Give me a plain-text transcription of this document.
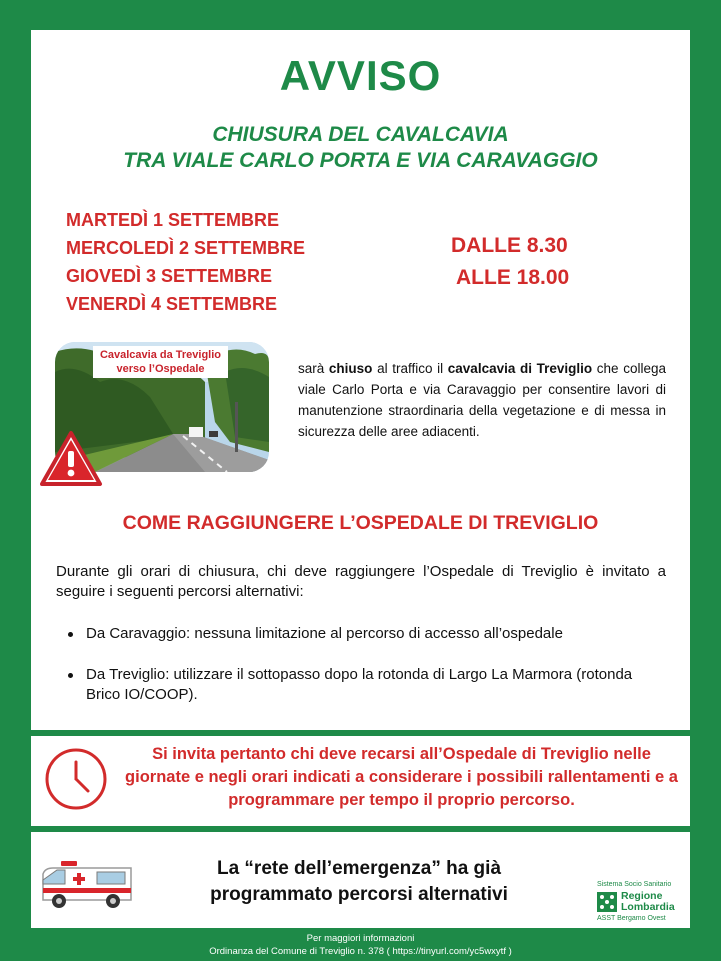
AVVISO
CHIUSURA DEL CAVALCAVIA
TRA VIALE CARLO PORTA E VIA CARAVAGGIO
MARTEDÌ 1 SETTEMBRE
MERCOLEDÌ 2 SETTEMBRE
GIOVEDÌ 3 SETTEMBRE
VENERDÌ 4 SETTEMBRE
DALLE 8.30
ALLE 18.00
Cavalcavia da Treviglio verso l’Ospedale	sarà chiuso al traffico il cavalcavia di Treviglio che collega viale Carlo Porta e via Caravaggio per consentire lavori di manutenzione straordinaria della vegetazione e di messa in sicurezza delle aree adiacenti.

COME RAGGIUNGERE L’OSPEDALE DI TREVIGLIO

Durante gli orari di chiusura, chi deve raggiungere l’Ospedale di Treviglio è invitato a seguire i seguenti percorsi alternativi:

Da Caravaggio: nessuna limitazione al percorso di accesso all’ospedale
Da Treviglio: utilizzare il sottopasso dopo la rotonda di Largo La Marmora (rotonda Brico IO/COOP).

Si invita pertanto chi deve recarsi all’Ospedale di Treviglio nelle giornate e negli orari indicati a considerare i possibili rallentamenti e a programmare per tempo il proprio percorso.

La “rete dell’emergenza” ha già
programmato percorsi alternativi	Sistema Socio Sanitario
Regione
Lombardia
ASST Bergamo Ovest
Per maggiori informazioni
Ordinanza del Comune di Treviglio n. 378 ( https://tinyurl.com/yc5wxytf )
